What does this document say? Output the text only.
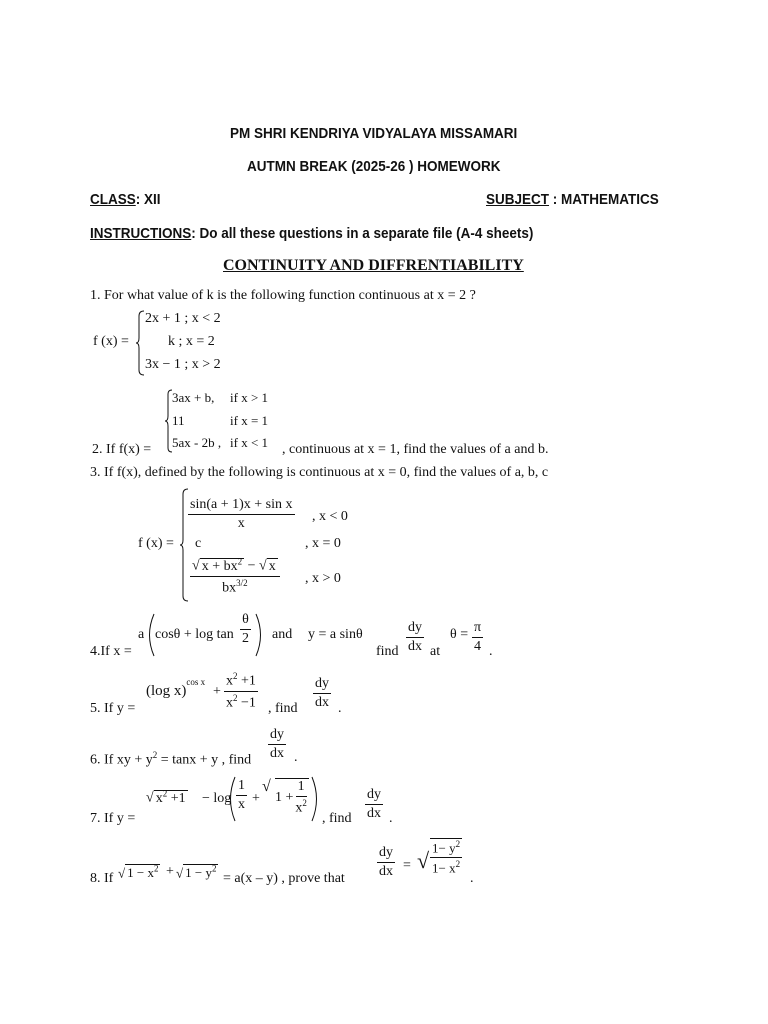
PM SHRI KENDRIYA VIDYALAYA MISSAMARI
AUTMN BREAK (2025-26 ) HOMEWORK
CLASS: XII	SUBJECT : MATHEMATICS
INSTRUCTIONS: Do all these questions in a separate file (A-4 sheets)
CONTINUITY AND DIFFRENTIABILITY
1. For what value of k is the following function continuous at x = 2 ?
f (x) =
2x + 1 ; x < 2
k ; x = 2
3x − 1 ; x > 2
2. If f(x) =
3ax + b, if x > 1
11	if x = 1
5ax - 2b , if x < 1 , continuous at x = 1, find the values of a and b.
3. If f(x), defined by the following is continuous at x = 0, find the values of a, b, c
f (x) =
$\frac{\text{sin(a + 1)x + sin x}}{x}$ , x < 0
c	, x = 0
$\frac{√ x + bx^2 - √ x}{bx^{3/2}}$ , x > 0
4.If x =
a $\cos\theta + \log \tan \frac{\theta}{2}$ and y = a sinθ
find $\frac{dy}{dx}$ at
$\theta = \frac{\pi}{4}$ .
5. If y =
(log x)$^{cos x}$
+ $\frac{x^2 +1}{x^2 -1}$ , find $\frac{dy}{dx}$ .
6. If xy + $y^2 = \tan x + y$ , find $\frac{dy}{dx}$ .
7. If y =
√ $x^2 +1 - \log \frac{1}{x}$ +
√
$1 + \frac{1}{x^2}$
, find $\frac{dy}{dx}$ .
8. If √ $1 - x^2$ + √ $1 - y^2$
= a(x – y) , prove that $\frac{dy}{dx}$ = √ $\frac{1- y^2}{1- x^2}$
.
